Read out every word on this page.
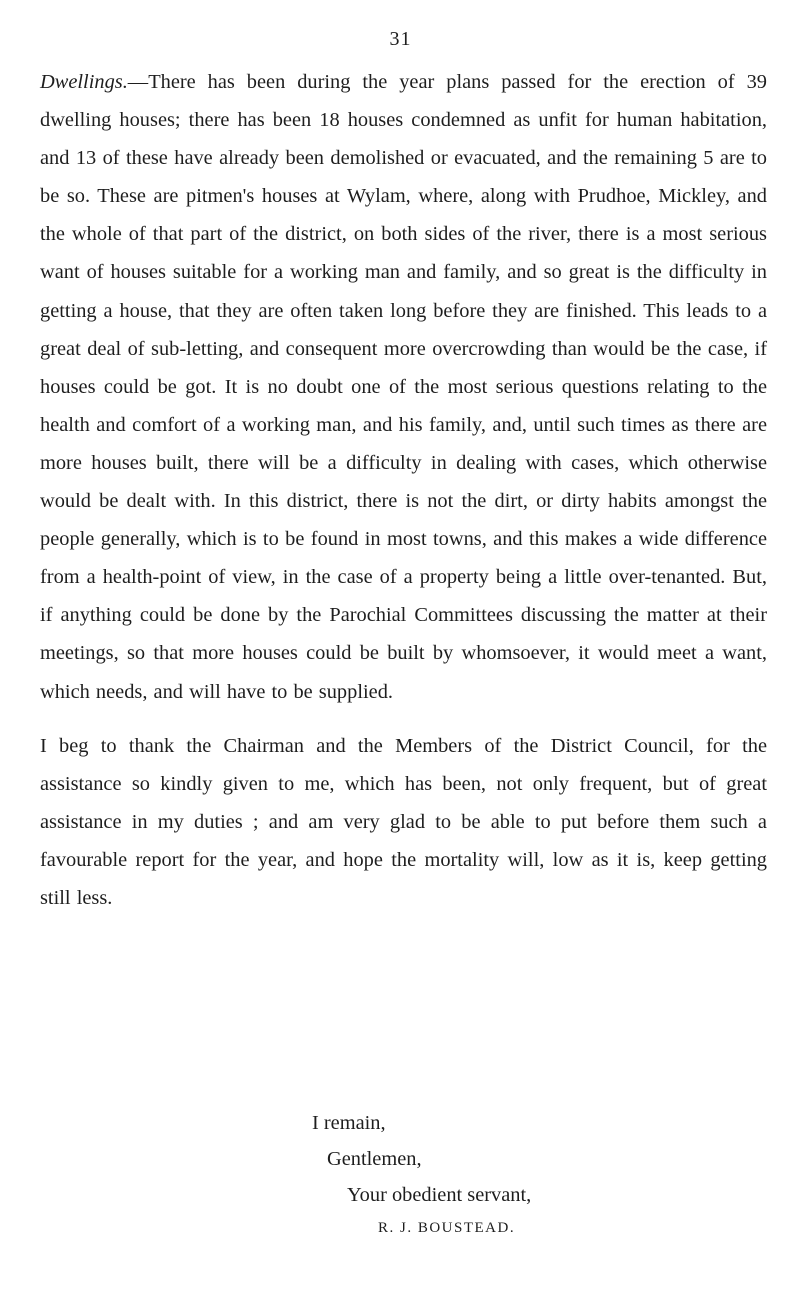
31

Dwellings.—There has been during the year plans passed for the erection of 39 dwelling houses; there has been 18 houses condemned as unfit for human habitation, and 13 of these have already been demolished or evacuated, and the remaining 5 are to be so. These are pitmen's houses at Wylam, where, along with Prudhoe, Mickley, and the whole of that part of the district, on both sides of the river, there is a most serious want of houses suitable for a working man and family, and so great is the difficulty in getting a house, that they are often taken long before they are finished. This leads to a great deal of sub-letting, and consequent more overcrowding than would be the case, if houses could be got. It is no doubt one of the most serious questions relating to the health and comfort of a working man, and his family, and, until such times as there are more houses built, there will be a difficulty in dealing with cases, which otherwise would be dealt with. In this district, there is not the dirt, or dirty habits amongst the people generally, which is to be found in most towns, and this makes a wide difference from a health-point of view, in the case of a property being a little over-tenanted. But, if anything could be done by the Parochial Committees discussing the matter at their meetings, so that more houses could be built by whomsoever, it would meet a want, which needs, and will have to be supplied.

I beg to thank the Chairman and the Members of the District Council, for the assistance so kindly given to me, which has been, not only frequent, but of great assistance in my duties ; and am very glad to be able to put before them such a favourable report for the year, and hope the mortality will, low as it is, keep getting still less.

I remain,
Gentlemen,
Your obedient servant,
R. J. BOUSTEAD.
